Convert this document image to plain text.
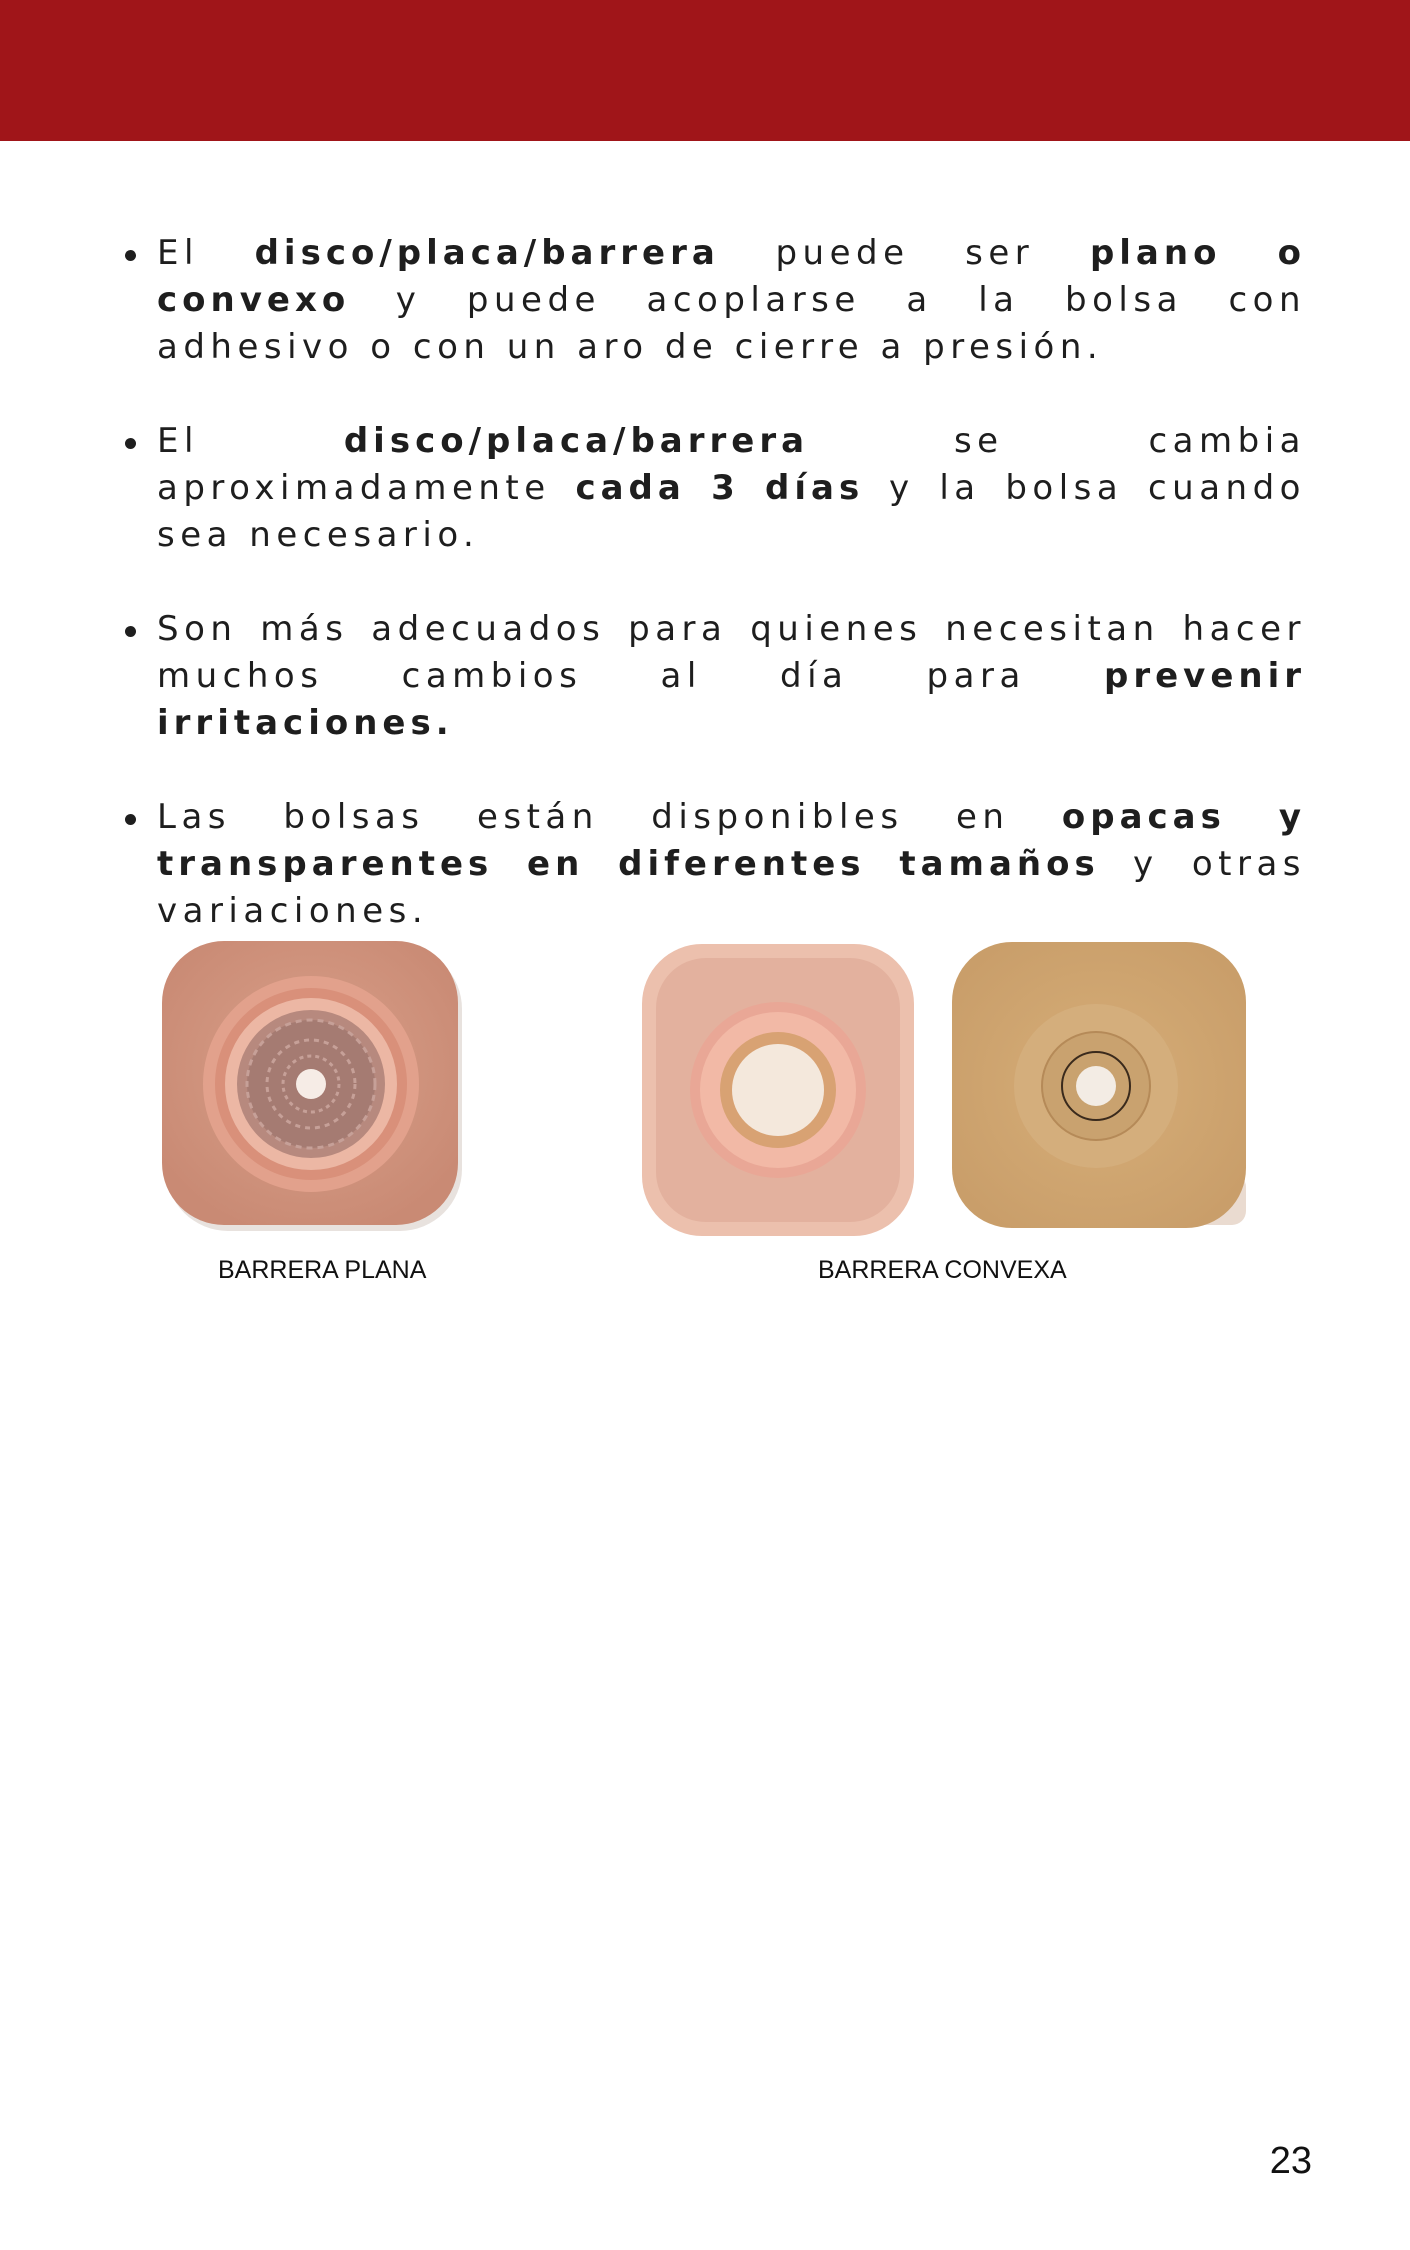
El disco/placa/barrera puede ser plano o convexo y puede acoplarse a la bolsa con adhesivo o con un aro de cierre a presión.
El disco/placa/barrera se cambia aproximadamente cada 3 días y la bolsa cuando sea necesario.
Son más adecuados para quienes necesitan hacer muchos cambios al día para prevenir irritaciones.
Las bolsas están disponibles en opacas y transparentes en diferentes tamaños y otras variaciones.
BARRERA PLANA	BARRERA CONVEXA
23
